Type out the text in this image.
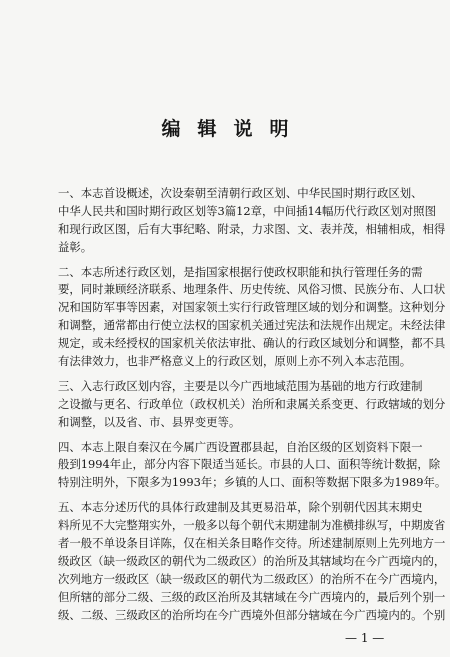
编辑说明
一、本志首设概述，次设秦朝至清朝行政区划、中华民国时期行政区划、
中华人民共和国时期行政区划等3篇12章，中间插14幅历代行政区划对照图
和现行政区图，后有大事纪略、附录，力求图、文、表并茂，相辅相成，相得
益彰。
二、本志所述行政区划，是指国家根据行使政权职能和执行管理任务的需
要，同时兼顾经济联系、地理条件、历史传统、风俗习惯、民族分布、人口状
况和国防军事等因素，对国家领土实行行政管理区域的划分和调整。这种划分
和调整，通常都由行使立法权的国家机关通过宪法和法规作出规定。未经法律
规定，或未经授权的国家机关依法审批、确认的行政区域划分和调整，都不具
有法律效力，也非严格意义上的行政区划，原则上亦不列入本志范围。
三、入志行政区划内容，主要是以今广西地域范围为基础的地方行政建制
之设撤与更名、行政单位（政权机关）治所和隶属关系变更、行政辖域的划分
和调整，以及省、市、县界变更等。
四、本志上限自秦汉在今属广西设置郡县起，自治区级的区划资料下限一
般到1994年止，部分内容下限适当延长。市县的人口、面积等统计数据，除
特别注明外，下限多为1993年；乡镇的人口、面积等数据下限多为1989年。
五、本志分述历代的具体行政建制及其更易沿革，除个别朝代因其末期史
料所见不大完整翔实外，一般多以每个朝代末期建制为准横排纵写，中期废省
者一般不单设条目详陈，仅在相关条目略作交待。所述建制原则上先列地方一
级政区（缺一级政区的朝代为二级政区）的治所及其辖域均在今广西境内的，
次列地方一级政区（缺一级政区的朝代为二级政区）的治所不在今广西境内，
但所辖的部分二级、三级的政区治所及其辖域在今广西境内的，最后列个别一
级、二级、三级政区的治所均在今广西境外但部分辖域在今广西境内的。个别
— 1 —
